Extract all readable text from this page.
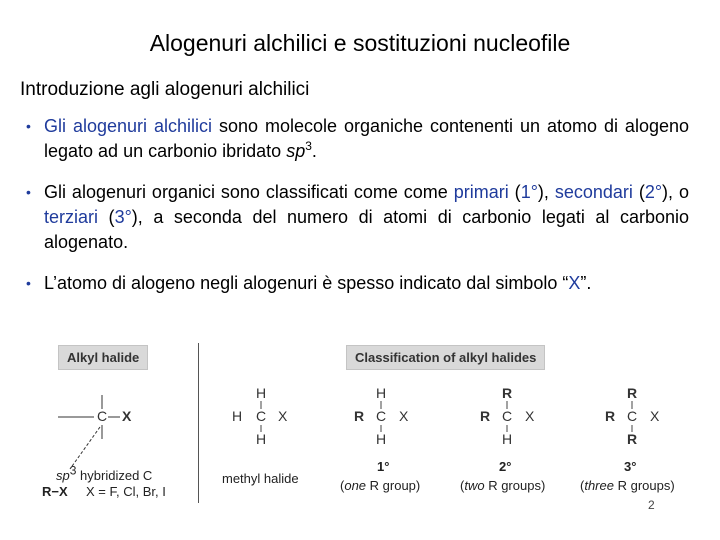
Alogenuri alchilici e sostituzioni nucleofile
Introduzione agli alogenuri alchilici
• Gli alogenuri alchilici sono molecole organiche contenenti un atomo di alogeno legato ad un carbonio ibridato $sp^3$.
• Gli alogenuri organici sono classificati come come primari (1°), secondari (2°), o terziari (3°), a seconda del numero di atomi di carbonio legati al carbonio alogenato.
• L’atomo di alogeno negli alogenuri è spesso indicato dal simbolo “X”.
Alkyl halide	Classification of alkyl halides
C X
$sp^3$ hybridized C
R−X X = F, Cl, Br, I
H
H C X
H
methyl halide
H
R C X
H
1°
(one R group)
R
R C X
H
2°
(two R groups)
R
R C X
R
3°
(three R groups)
2
